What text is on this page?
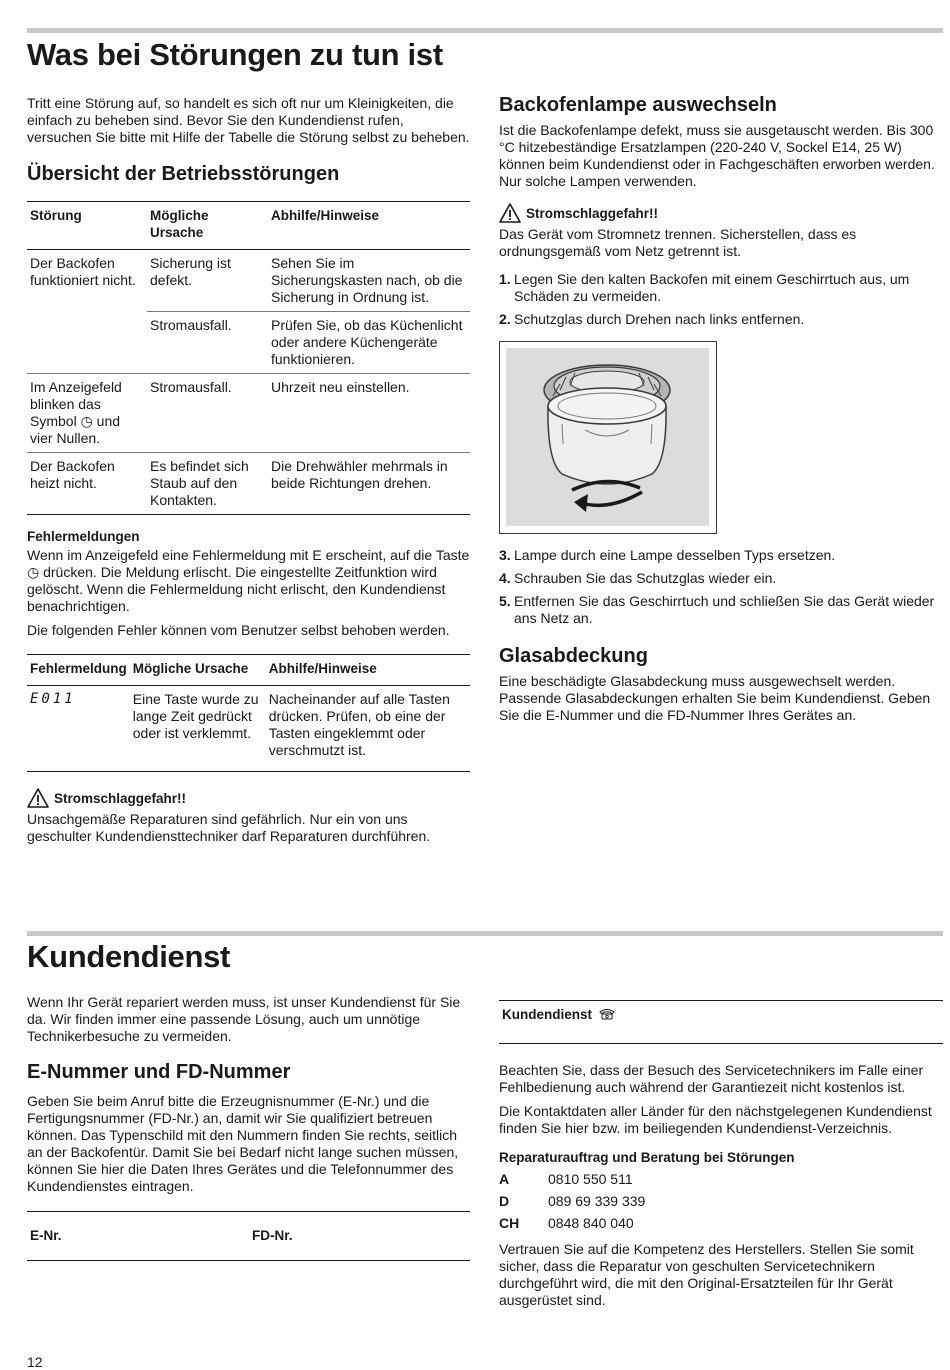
Was bei Störungen zu tun ist

Tritt eine Störung auf, so handelt es sich oft nur um Kleinigkeiten, die einfach zu beheben sind. Bevor Sie den Kundendienst rufen, versuchen Sie bitte mit Hilfe der Tabelle die Störung selbst zu beheben.

Übersicht der Betriebsstörungen
Störung	Mögliche Ursache	Abhilfe/Hinweise
Der Backofen funktioniert nicht.	Sicherung ist defekt.	Sehen Sie im Sicherungskasten nach, ob die Sicherung in Ordnung ist.
	Stromausfall.	Prüfen Sie, ob das Küchenlicht oder andere Küchengeräte funktionieren.
Im Anzeigefeld blinken das Symbol ◷ und vier Nullen.	Stromausfall.	Uhrzeit neu einstellen.
Der Backofen heizt nicht.	Es befindet sich Staub auf den Kontakten.	Die Drehwähler mehrmals in beide Richtungen drehen.

Fehlermeldungen

Wenn im Anzeigefeld eine Fehlermeldung mit E erscheint, auf die Taste ◷ drücken. Die Meldung erlischt. Die eingestellte Zeitfunktion wird gelöscht. Wenn die Fehlermeldung nicht erlischt, den Kundendienst benachrichtigen.

Die folgenden Fehler können vom Benutzer selbst behoben werden.

Fehlermeldung	Mögliche Ursache	Abhilfe/Hinweise
E011	Eine Taste wurde zu lange Zeit gedrückt oder ist verklemmt.	Nacheinander auf alle Tasten drücken. Prüfen, ob eine der Tasten eingeklemmt oder verschmutzt ist.
Stromschlaggefahr!!

Unsachgemäße Reparaturen sind gefährlich. Nur ein von uns geschulter Kundendiensttechniker darf Reparaturen durchführen.

Backofenlampe auswechseln

Ist die Backofenlampe defekt, muss sie ausgetauscht werden. Bis 300 °C hitzebeständige Ersatzlampen (220-240 V, Sockel E14, 25 W) können beim Kundendienst oder in Fachgeschäften erworben werden. Nur solche Lampen verwenden.

Stromschlaggefahr!!

Das Gerät vom Stromnetz trennen. Sicherstellen, dass es ordnungsgemäß vom Netz getrennt ist.

1. Legen Sie den kalten Backofen mit einem Geschirrtuch aus, um Schäden zu vermeiden.
2. Schutzglas durch Drehen nach links entfernen.
3. Lampe durch eine Lampe desselben Typs ersetzen.
4. Schrauben Sie das Schutzglas wieder ein.
5. Entfernen Sie das Geschirrtuch und schließen Sie das Gerät wieder ans Netz an.
Glasabdeckung

Eine beschädigte Glasabdeckung muss ausgewechselt werden. Passende Glasabdeckungen erhalten Sie beim Kundendienst. Geben Sie die E-Nummer und die FD-Nummer Ihres Gerätes an.

Kundendienst

Wenn Ihr Gerät repariert werden muss, ist unser Kundendienst für Sie da. Wir finden immer eine passende Lösung, auch um unnötige Technikerbesuche zu vermeiden.

E-Nummer und FD-Nummer

Geben Sie beim Anruf bitte die Erzeugnisnummer (E-Nr.) und die Fertigungsnummer (FD-Nr.) an, damit wir Sie qualifiziert betreuen können. Das Typenschild mit den Nummern finden Sie rechts, seitlich an der Backofentür. Damit Sie bei Bedarf nicht lange suchen müssen, können Sie hier die Daten Ihres Gerätes und die Telefonnummer des Kundendienstes eintragen.

E-Nr.	FD-Nr.
Kundendienst

Beachten Sie, dass der Besuch des Servicetechnikers im Falle einer Fehlbedienung auch während der Garantiezeit nicht kostenlos ist.

Die Kontaktdaten aller Länder für den nächstgelegenen Kundendienst finden Sie hier bzw. im beiliegenden Kundendienst-Verzeichnis.

Reparaturauftrag und Beratung bei Störungen

A	0810 550 511
D	089 69 339 339
CH	0848 840 040

Vertrauen Sie auf die Kompetenz des Herstellers. Stellen Sie somit sicher, dass die Reparatur von geschulten Servicetechnikern durchgeführt wird, die mit den Original-Ersatzteilen für Ihr Gerät ausgerüstet sind.

12
